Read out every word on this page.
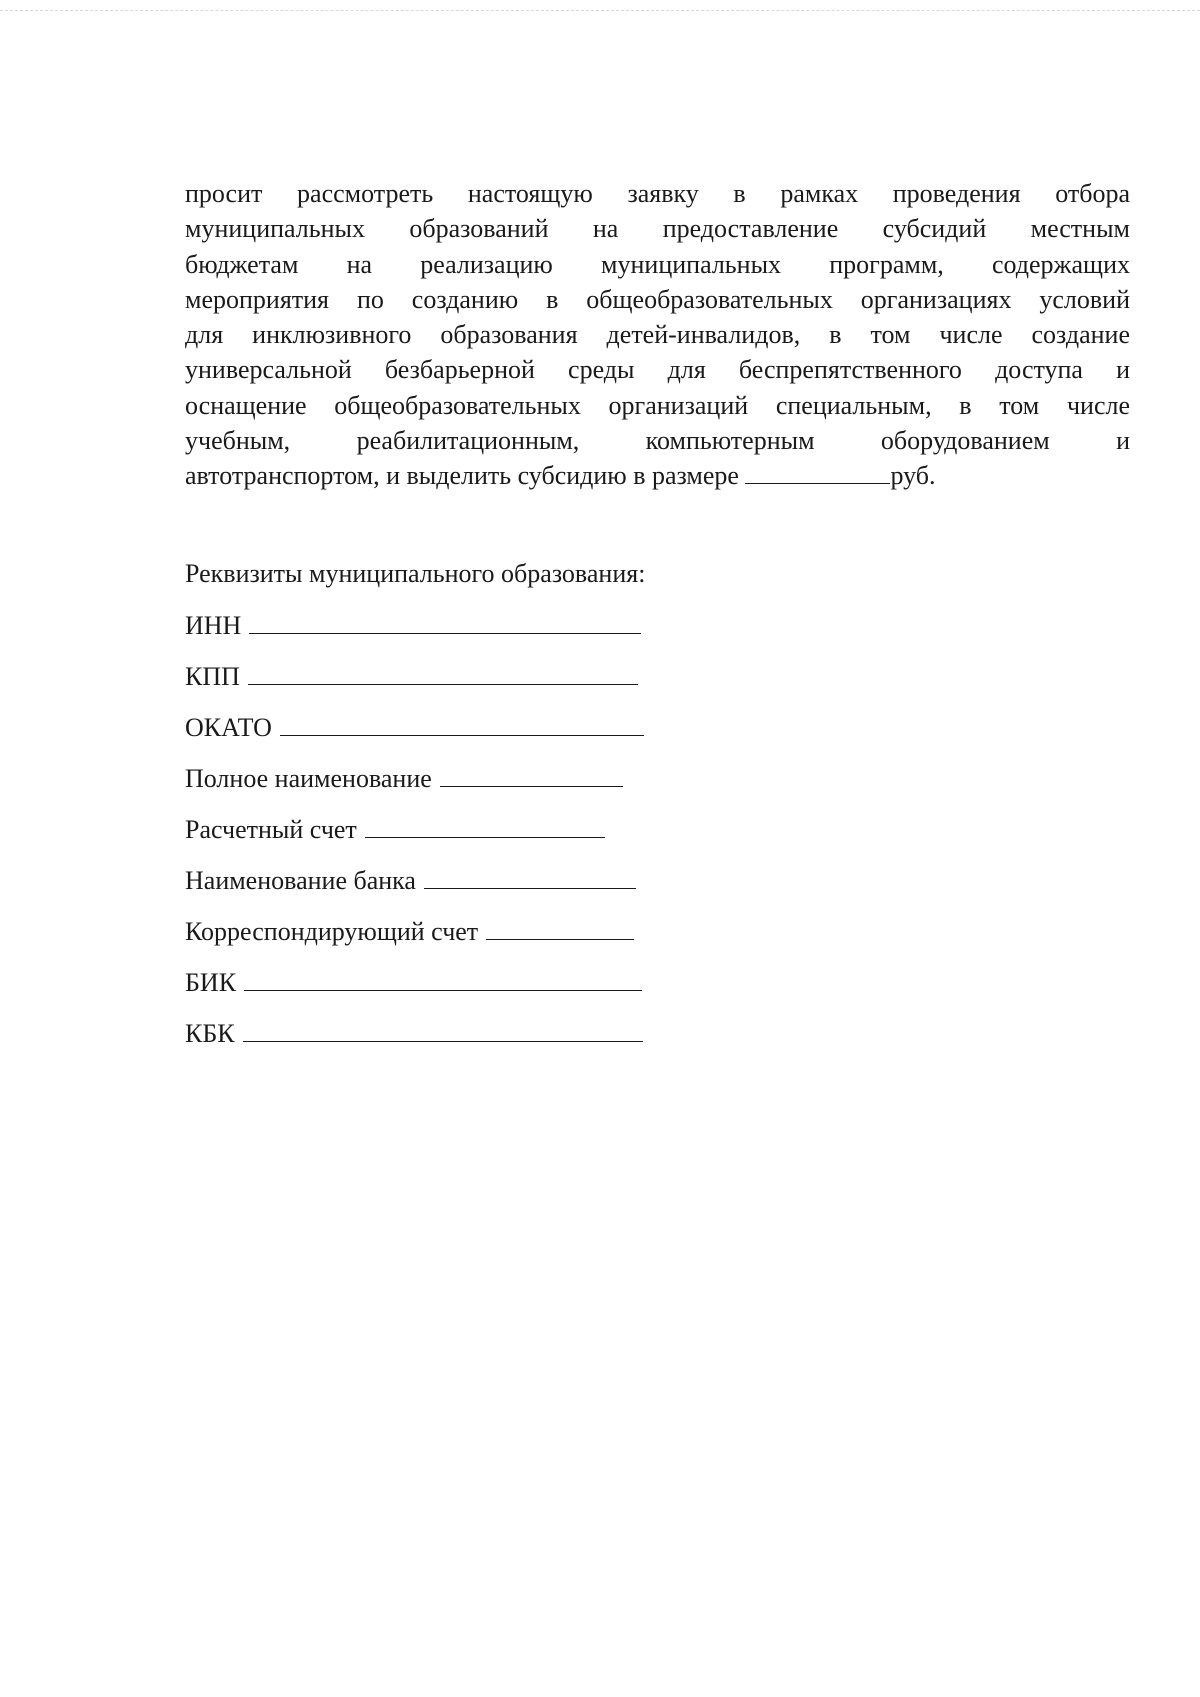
просит рассмотреть настоящую заявку в рамках проведения отбора
муниципальных образований на предоставление субсидий местным
бюджетам на реализацию муниципальных программ, содержащих
мероприятия по созданию в общеобразовательных организациях условий
для инклюзивного образования детей-инвалидов, в том числе создание
универсальной безбарьерной среды для беспрепятственного доступа и
оснащение общеобразовательных организаций специальным, в том числе
учебным, реабилитационным, компьютерным оборудованием и
автотранспортом, и выделить субсидию в размере	руб.

Реквизиты муниципального образования:

ИНН
КПП
ОКАТО
Полное наименование
Расчетный счет
Наименование банка
Корреспондирующий счет
БИК
КБК
